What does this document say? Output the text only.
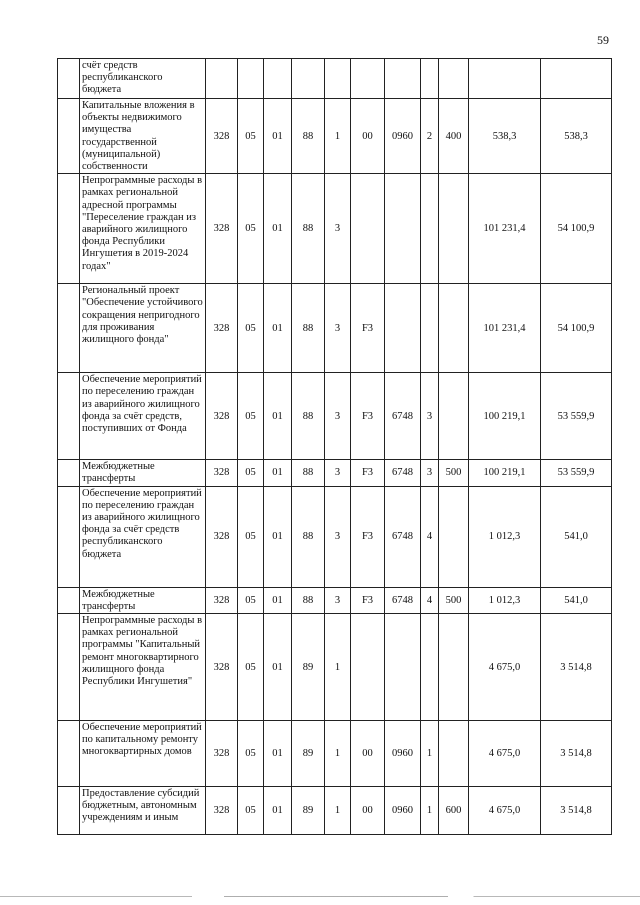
59
	счёт средств республиканского бюджета											
	Капитальные вложения в объекты недвижимого имущества государственной (муниципальной) собственности	328	05	01	88	1	00	0960	2	400	538,3	538,3
	Непрограммные расходы в рамках региональной адресной программы "Переселение граждан из аварийного жилищного фонда Республики Ингушетия в 2019-2024 годах"	328	05	01	88	3					101 231,4	54 100,9
	Региональный проект "Обеспечение устойчивого сокращения непригодного для проживания жилищного фонда"	328	05	01	88	3	F3				101 231,4	54 100,9
	Обеспечение мероприятий по переселению граждан из аварийного жилищного фонда за счёт средств, поступивших от Фонда	328	05	01	88	3	F3	6748	3		100 219,1	53 559,9
	Межбюджетные трансферты	328	05	01	88	3	F3	6748	3	500	100 219,1	53 559,9
	Обеспечение мероприятий по переселению граждан из аварийного жилищного фонда за счёт средств республиканского бюджета	328	05	01	88	3	F3	6748	4		1 012,3	541,0
	Межбюджетные трансферты	328	05	01	88	3	F3	6748	4	500	1 012,3	541,0
	Непрограммные расходы в рамках региональной программы "Капитальный ремонт многоквартирного жилищного фонда Республики Ингушетия"	328	05	01	89	1					4 675,0	3 514,8
	Обеспечение мероприятий по капитальному ремонту многоквартирных домов	328	05	01	89	1	00	0960	1		4 675,0	3 514,8
	Предоставление субсидий бюджетным, автономным учреждениям и иным	328	05	01	89	1	00	0960	1	600	4 675,0	3 514,8
